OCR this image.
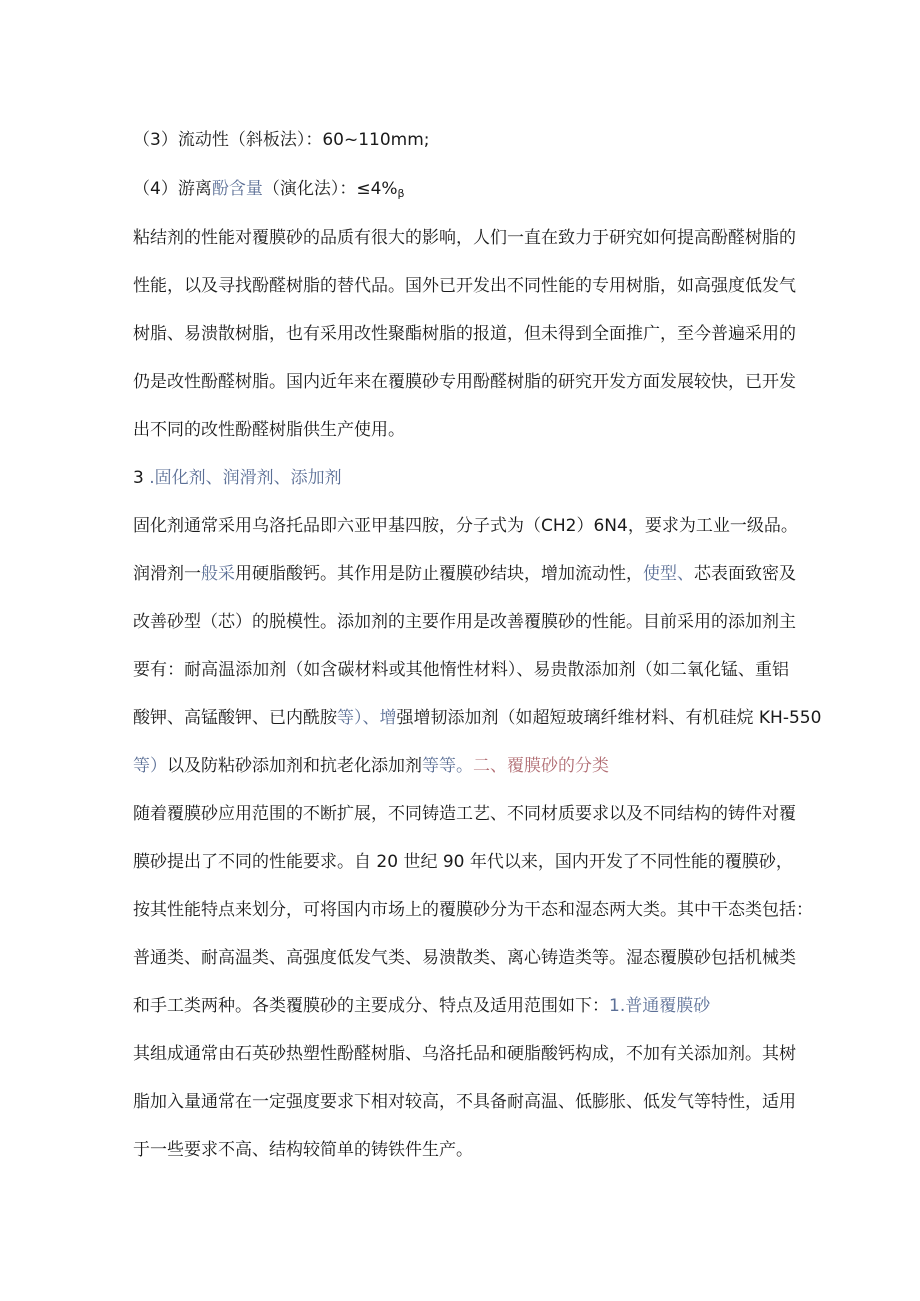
（3）流动性（斜板法）：60~110mm;

（4）游离酚含量（演化法）：$\le 4\%_\beta$

粘结剂的性能对覆膜砂的品质有很大的影响，人们一直在致力于研究如何提高酚醛树脂的

性能，以及寻找酚醛树脂的替代品。国外已开发出不同性能的专用树脂，如高强度低发气

树脂、易溃散树脂，也有采用改性聚酯树脂的报道，但未得到全面推广，至今普遍采用的

仍是改性酚醛树脂。国内近年来在覆膜砂专用酚醛树脂的研究开发方面发展较快，已开发

出不同的改性酚醛树脂供生产使用。

3 .固化剂、润滑剂、添加剂

固化剂通常采用乌洛托品即六亚甲基四胺，分子式为（CH2）6N4，要求为工业一级品。

润滑剂一般采用硬脂酸钙。其作用是防止覆膜砂结块，增加流动性，使型、芯表面致密及

改善砂型（芯）的脱模性。添加剂的主要作用是改善覆膜砂的性能。目前采用的添加剂主

要有：耐高温添加剂（如含碳材料或其他惰性材料）、易贵散添加剂（如二氧化锰、重铝

酸钾、高锰酸钾、已内酰胺等）、增强增韧添加剂（如超短玻璃纤维材料、有机硅烷 KH-550

等）以及防粘砂添加剂和抗老化添加剂等等。二、覆膜砂的分类

随着覆膜砂应用范围的不断扩展，不同铸造工艺、不同材质要求以及不同结构的铸件对覆

膜砂提出了不同的性能要求。自 20 世纪 90 年代以来，国内开发了不同性能的覆膜砂，

按其性能特点来划分，可将国内市场上的覆膜砂分为干态和湿态两大类。其中干态类包括：

普通类、耐高温类、高强度低发气类、易溃散类、离心铸造类等。湿态覆膜砂包括机械类

和手工类两种。各类覆膜砂的主要成分、特点及适用范围如下：1.普通覆膜砂

其组成通常由石英砂热塑性酚醛树脂、乌洛托品和硬脂酸钙构成，不加有关添加剂。其树

脂加入量通常在一定强度要求下相对较高，不具备耐高温、低膨胀、低发气等特性，适用

于一些要求不高、结构较简单的铸铁件生产。
